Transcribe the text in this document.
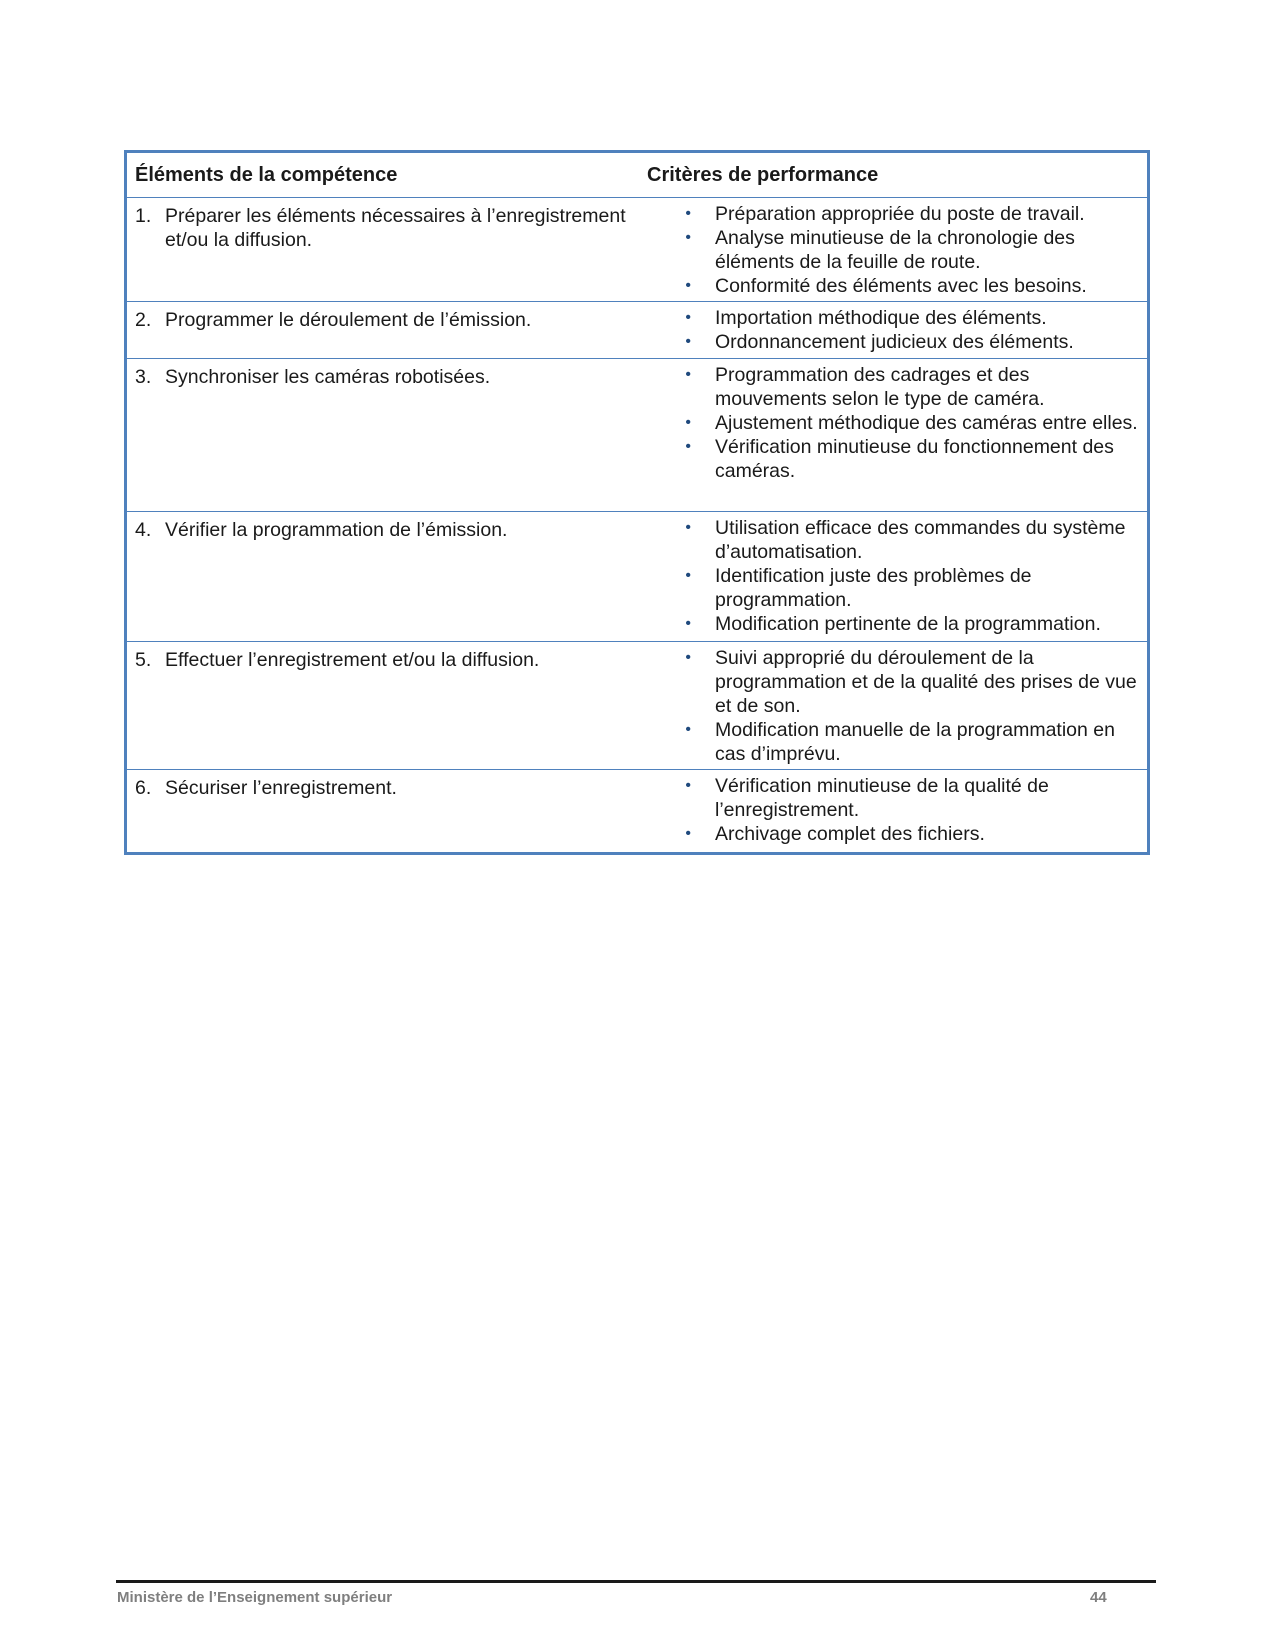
Éléments de la compétence	Critères de performance
1. Préparer les éléments nécessaires à l’enregistrement et/ou la diffusion.
•	Préparation appropriée du poste de travail.
•	Analyse minutieuse de la chronologie des éléments de la feuille de route.
•	Conformité des éléments avec les besoins.
2. Programmer le déroulement de l’émission.	•	Importation méthodique des éléments.
•	Ordonnancement judicieux des éléments.
3. Synchroniser les caméras robotisées.	•	Programmation des cadrages et des mouvements selon le type de caméra.
•	Ajustement méthodique des caméras entre elles.
•	Vérification minutieuse du fonctionnement des caméras.
4. Vérifier la programmation de l’émission.	•	Utilisation efficace des commandes du système d’automatisation.
•	Identification juste des problèmes de programmation.
•	Modification pertinente de la programmation.
5. Effectuer l’enregistrement et/ou la diffusion.	•	Suivi approprié du déroulement de la programmation et de la qualité des prises de vue et de son.
•	Modification manuelle de la programmation en cas d’imprévu.
6. Sécuriser l’enregistrement.	•	Vérification minutieuse de la qualité de l’enregistrement.
•	Archivage complet des fichiers.
Ministère de l’Enseignement supérieur	44
